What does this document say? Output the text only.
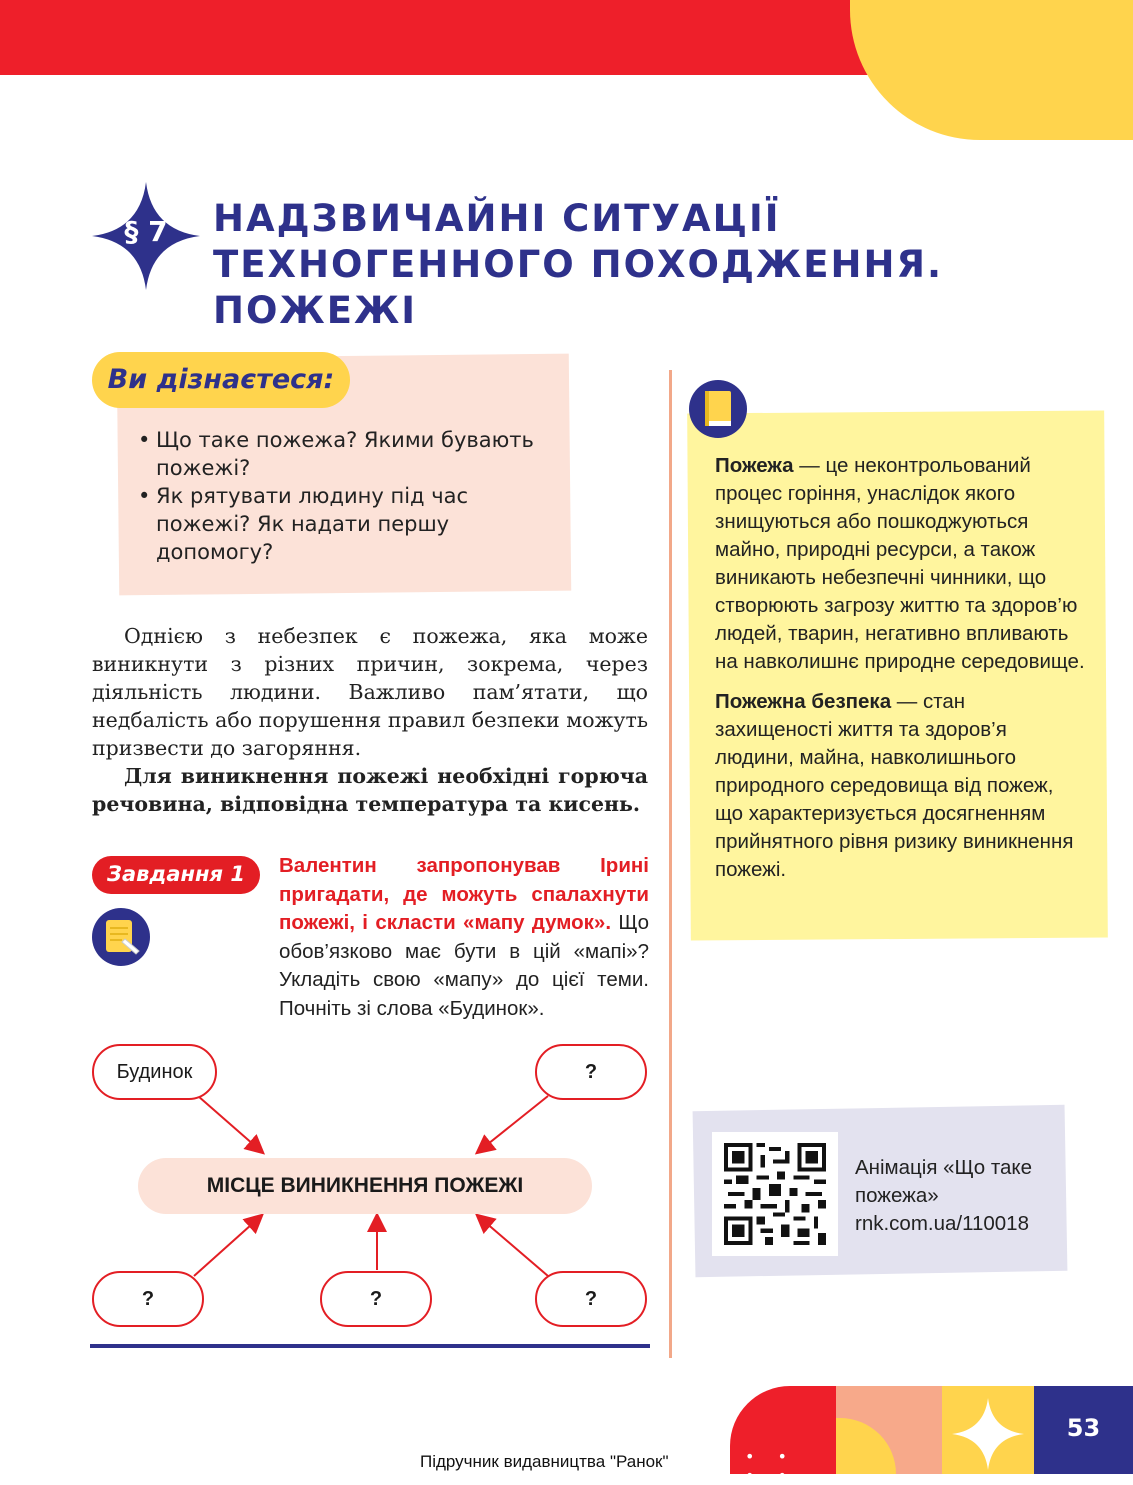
§ 7	НАДЗВИЧАЙНІ СИТУАЦІЇ ТЕХНОГЕННОГО ПОХОДЖЕННЯ. ПОЖЕЖІ
Ви дізнаєтеся:
• Що таке пожежа? Якими бувають пожежі?
• Як рятувати людину під час пожежі? Як надати першу допомогу?

Однією з небезпек є пожежа, яка може виникнути з різних причин, зокрема, через діяльність людини. Важливо пам’ятати, що недбалість або порушення правил безпеки можуть призвести до загоряння.

Для виникнення пожежі необхідні горюча речовина, відповідна температура та кисень.

Завдання 1	Валентин запропонував Ірині пригадати, де можуть спалахнути пожежі, і скласти «мапу думок». Що обов’язково має бути в цій «мапі»? Укладіть свою «мапу» до цієї теми. Почніть зі слова «Будинок».
Будинок	?
МІСЦЕ ВИНИКНЕННЯ ПОЖЕЖІ
?	?	?

Пожежа — це неконтрольований процес горіння, унаслідок якого знищуються або пошкоджуються майно, природні ресурси, а також виникають небезпечні чинники, що створюють загрозу життю та здоров’ю людей, тварин, негативно впливають на навколишнє природне середовище.

Пожежна безпека — стан захищеності життя та здоров’я людини, майна, навколишнього природного середовища від пожеж, що характеризується досягненням прийнятного рівня ризику виникнення пожежі.

Анімація «Що таке
пожежа»
rnk.com.ua/110018
Підручник видавництва "Ранок"	• • • •
53
